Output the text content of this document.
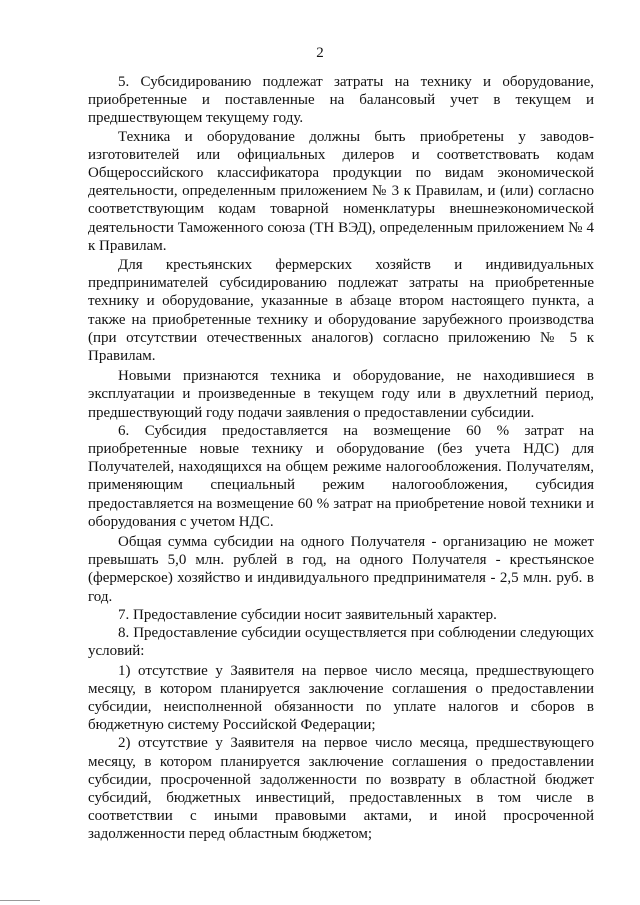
2

5. Субсидированию подлежат затраты на технику и оборудование, приобретенные и поставленные на балансовый учет в текущем и предшествующем текущему году.

Техника и оборудование должны быть приобретены у заводов-изготовителей или официальных дилеров и соответствовать кодам Общероссийского классификатора продукции по видам экономической деятельности, определенным приложением № 3 к Правилам, и (или) согласно соответствующим кодам товарной номенклатуры внешнеэкономической деятельности Таможенного союза (ТН ВЭД), определенным приложением № 4 к Правилам.

Для крестьянских фермерских хозяйств и индивидуальных предпринимателей субсидированию подлежат затраты на приобретенные технику и оборудование, указанные в абзаце втором настоящего пункта, а также на приобретенные технику и оборудование зарубежного производства (при отсутствии отечественных аналогов) согласно приложению № 5 к Правилам.

Новыми признаются техника и оборудование, не находившиеся в эксплуатации и произведенные в текущем году или в двухлетний период, предшествующий году подачи заявления о предоставлении субсидии.

6. Субсидия предоставляется на возмещение 60 % затрат на приобретенные новые технику и оборудование (без учета НДС) для Получателей, находящихся на общем режиме налогообложения. Получателям, применяющим специальный режим налогообложения, субсидия предоставляется на возмещение 60 % затрат на приобретение новой техники и оборудования с учетом НДС.

Общая сумма субсидии на одного Получателя - организацию не может превышать 5,0 млн. рублей в год, на одного Получателя - крестьянское (фермерское) хозяйство и индивидуального предпринимателя - 2,5 млн. руб. в год.

7. Предоставление субсидии носит заявительный характер.

8. Предоставление субсидии осуществляется при соблюдении следующих условий:

1) отсутствие у Заявителя на первое число месяца, предшествующего месяцу, в котором планируется заключение соглашения о предоставлении субсидии, неисполненной обязанности по уплате налогов и сборов в бюджетную систему Российской Федерации;

2) отсутствие у Заявителя на первое число месяца, предшествующего месяцу, в котором планируется заключение соглашения о предоставлении субсидии, просроченной задолженности по возврату в областной бюджет субсидий, бюджетных инвестиций, предоставленных в том числе в соответствии с иными правовыми актами, и иной просроченной задолженности перед областным бюджетом;
